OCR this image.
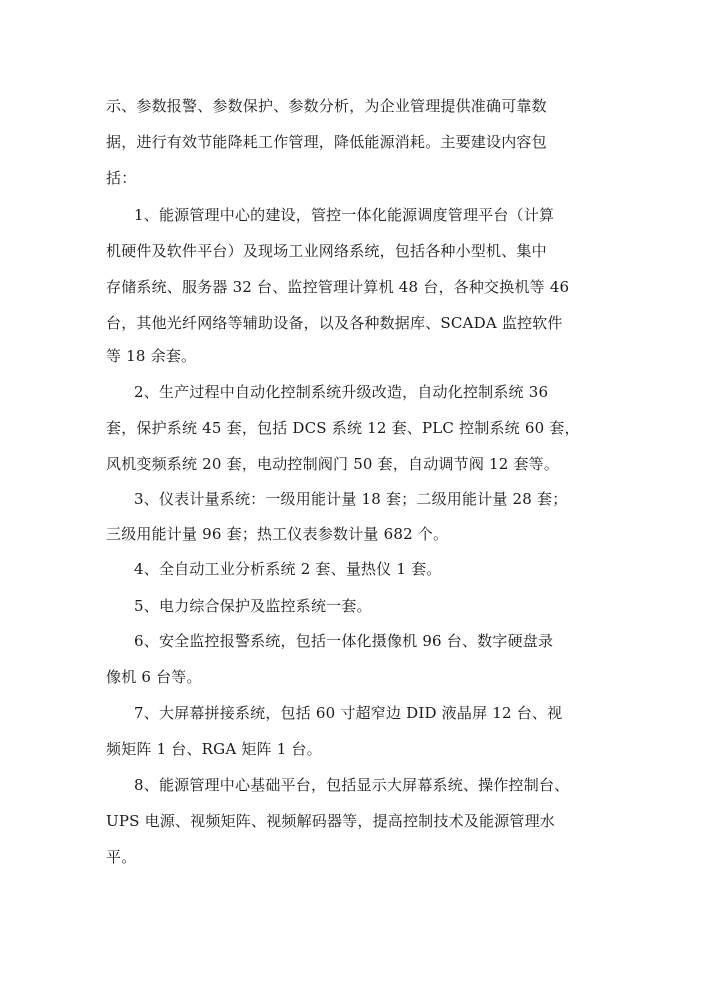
示、参数报警、参数保护、参数分析，为企业管理提供准确可靠数
据，进行有效节能降耗工作管理，降低能源消耗。主要建设内容包
括：
1、能源管理中心的建设，管控一体化能源调度管理平台（计算
机硬件及软件平台）及现场工业网络系统，包括各种小型机、集中
存储系统、服务器 32 台、监控管理计算机 48 台，各种交换机等 46
台，其他光纤网络等辅助设备，以及各种数据库、SCADA 监控软件
等 18 余套。
2、生产过程中自动化控制系统升级改造，自动化控制系统 36
套，保护系统 45 套，包括 DCS 系统 12 套、PLC 控制系统 60 套，
风机变频系统 20 套，电动控制阀门 50 套，自动调节阀 12 套等。
3、仪表计量系统：一级用能计量 18 套；二级用能计量 28 套；
三级用能计量 96 套；热工仪表参数计量 682 个。
4、全自动工业分析系统 2 套、量热仪 1 套。
5、电力综合保护及监控系统一套。
6、安全监控报警系统，包括一体化摄像机 96 台、数字硬盘录
像机 6 台等。
7、大屏幕拼接系统，包括 60 寸超窄边 DID 液晶屏 12 台、视
频矩阵 1 台、RGA 矩阵 1 台。
8、能源管理中心基础平台，包括显示大屏幕系统、操作控制台、
UPS 电源、视频矩阵、视频解码器等，提高控制技术及能源管理水
平。
